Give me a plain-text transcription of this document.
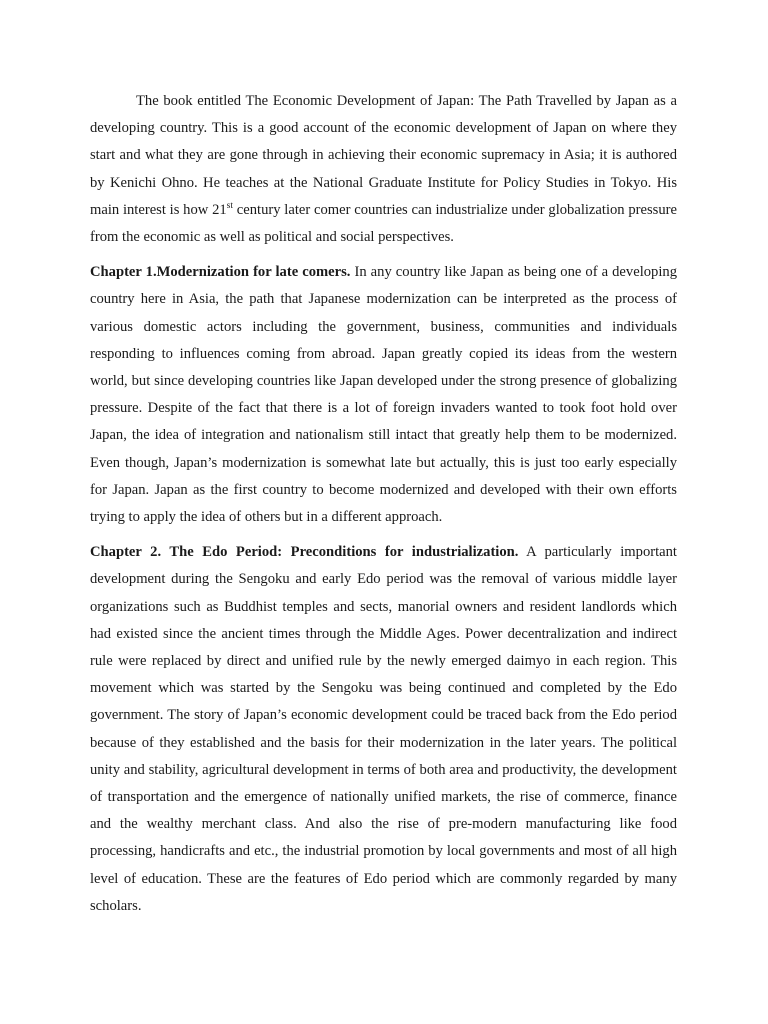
The book entitled The Economic Development of Japan: The Path Travelled by Japan as a developing country. This is a good account of the economic development of Japan on where they start and what they are gone through in achieving their economic supremacy in Asia; it is authored by Kenichi Ohno. He teaches at the National Graduate Institute for Policy Studies in Tokyo. His main interest is how 21st century later comer countries can industrialize under globalization pressure from the economic as well as political and social perspectives.

Chapter 1.Modernization for late comers. In any country like Japan as being one of a developing country here in Asia, the path that Japanese modernization can be interpreted as the process of various domestic actors including the government, business, communities and individuals responding to influences coming from abroad. Japan greatly copied its ideas from the western world, but since developing countries like Japan developed under the strong presence of globalizing pressure. Despite of the fact that there is a lot of foreign invaders wanted to took foot hold over Japan, the idea of integration and nationalism still intact that greatly help them to be modernized. Even though, Japan’s modernization is somewhat late but actually, this is just too early especially for Japan. Japan as the first country to become modernized and developed with their own efforts trying to apply the idea of others but in a different approach.

Chapter 2. The Edo Period: Preconditions for industrialization. A particularly important development during the Sengoku and early Edo period was the removal of various middle layer organizations such as Buddhist temples and sects, manorial owners and resident landlords which had existed since the ancient times through the Middle Ages. Power decentralization and indirect rule were replaced by direct and unified rule by the newly emerged daimyo in each region. This movement which was started by the Sengoku was being continued and completed by the Edo government. The story of Japan’s economic development could be traced back from the Edo period because of they established and the basis for their modernization in the later years. The political unity and stability, agricultural development in terms of both area and productivity, the development of transportation and the emergence of nationally unified markets, the rise of commerce, finance and the wealthy merchant class. And also the rise of pre-modern manufacturing like food processing, handicrafts and etc., the industrial promotion by local governments and most of all high level of education. These are the features of Edo period which are commonly regarded by many scholars.
